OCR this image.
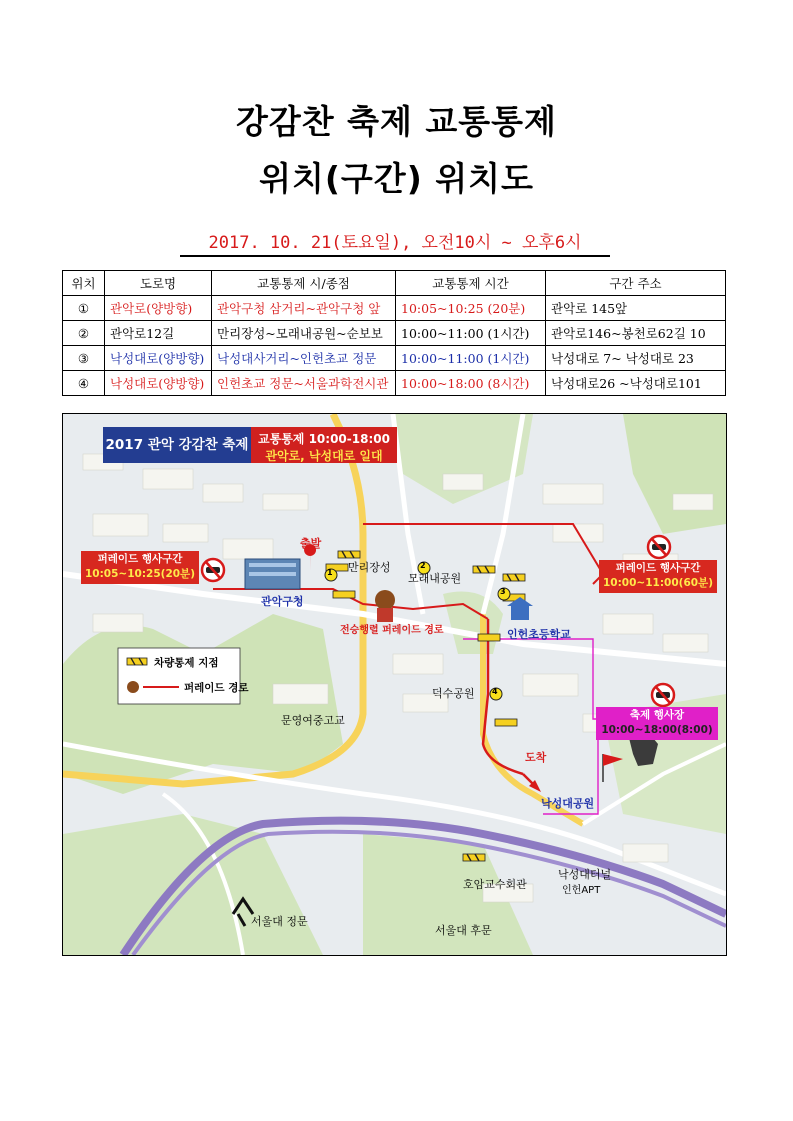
강감찬 축제 교통통제
위치(구간) 위치도
2017. 10. 21(토요일), 오전10시 ~ 오후6시
위치	도로명	교통통제 시/종점	교통통제 시간	구간 주소
①	관악로(양방향)	관악구청 삼거리~관악구청 앞	10:05~10:25 (20분)	관악로 145앞
②	관악로12길	만리장성~모래내공원~순보보	10:00~11:00 (1시간)	관악로146~봉천로62길 10
③	낙성대로(양방향)	낙성대사거리~인헌초교 정문	10:00~11:00 (1시간)	낙성대로 7~ 낙성대로 23
④	낙성대로(양방향)	인헌초교 정문~서울과학전시관	10:00~18:00 (8시간)	낙성대로26 ~낙성대로101
2017 관악 강감찬 축제 교통통제 10:00-18:00
관악로, 낙성대로 일대
퍼레이드 행사구간
10:05~10:25(20분)	퍼레이드 행사구간
10:00~11:00(60분)
축제 행사장
10:00~18:00(8:00)
출발
관악구청
만리장성
모래내공원
인헌초등학교
전승행렬 퍼레이드 경로
덕수공원
문영여중고교
도착
낙성대공원
차량통제 지점
퍼레이드 경로
서울대 정문
서울대 후문
호암교수회관
낙성대터널
인헌APT
1
2
3
4
